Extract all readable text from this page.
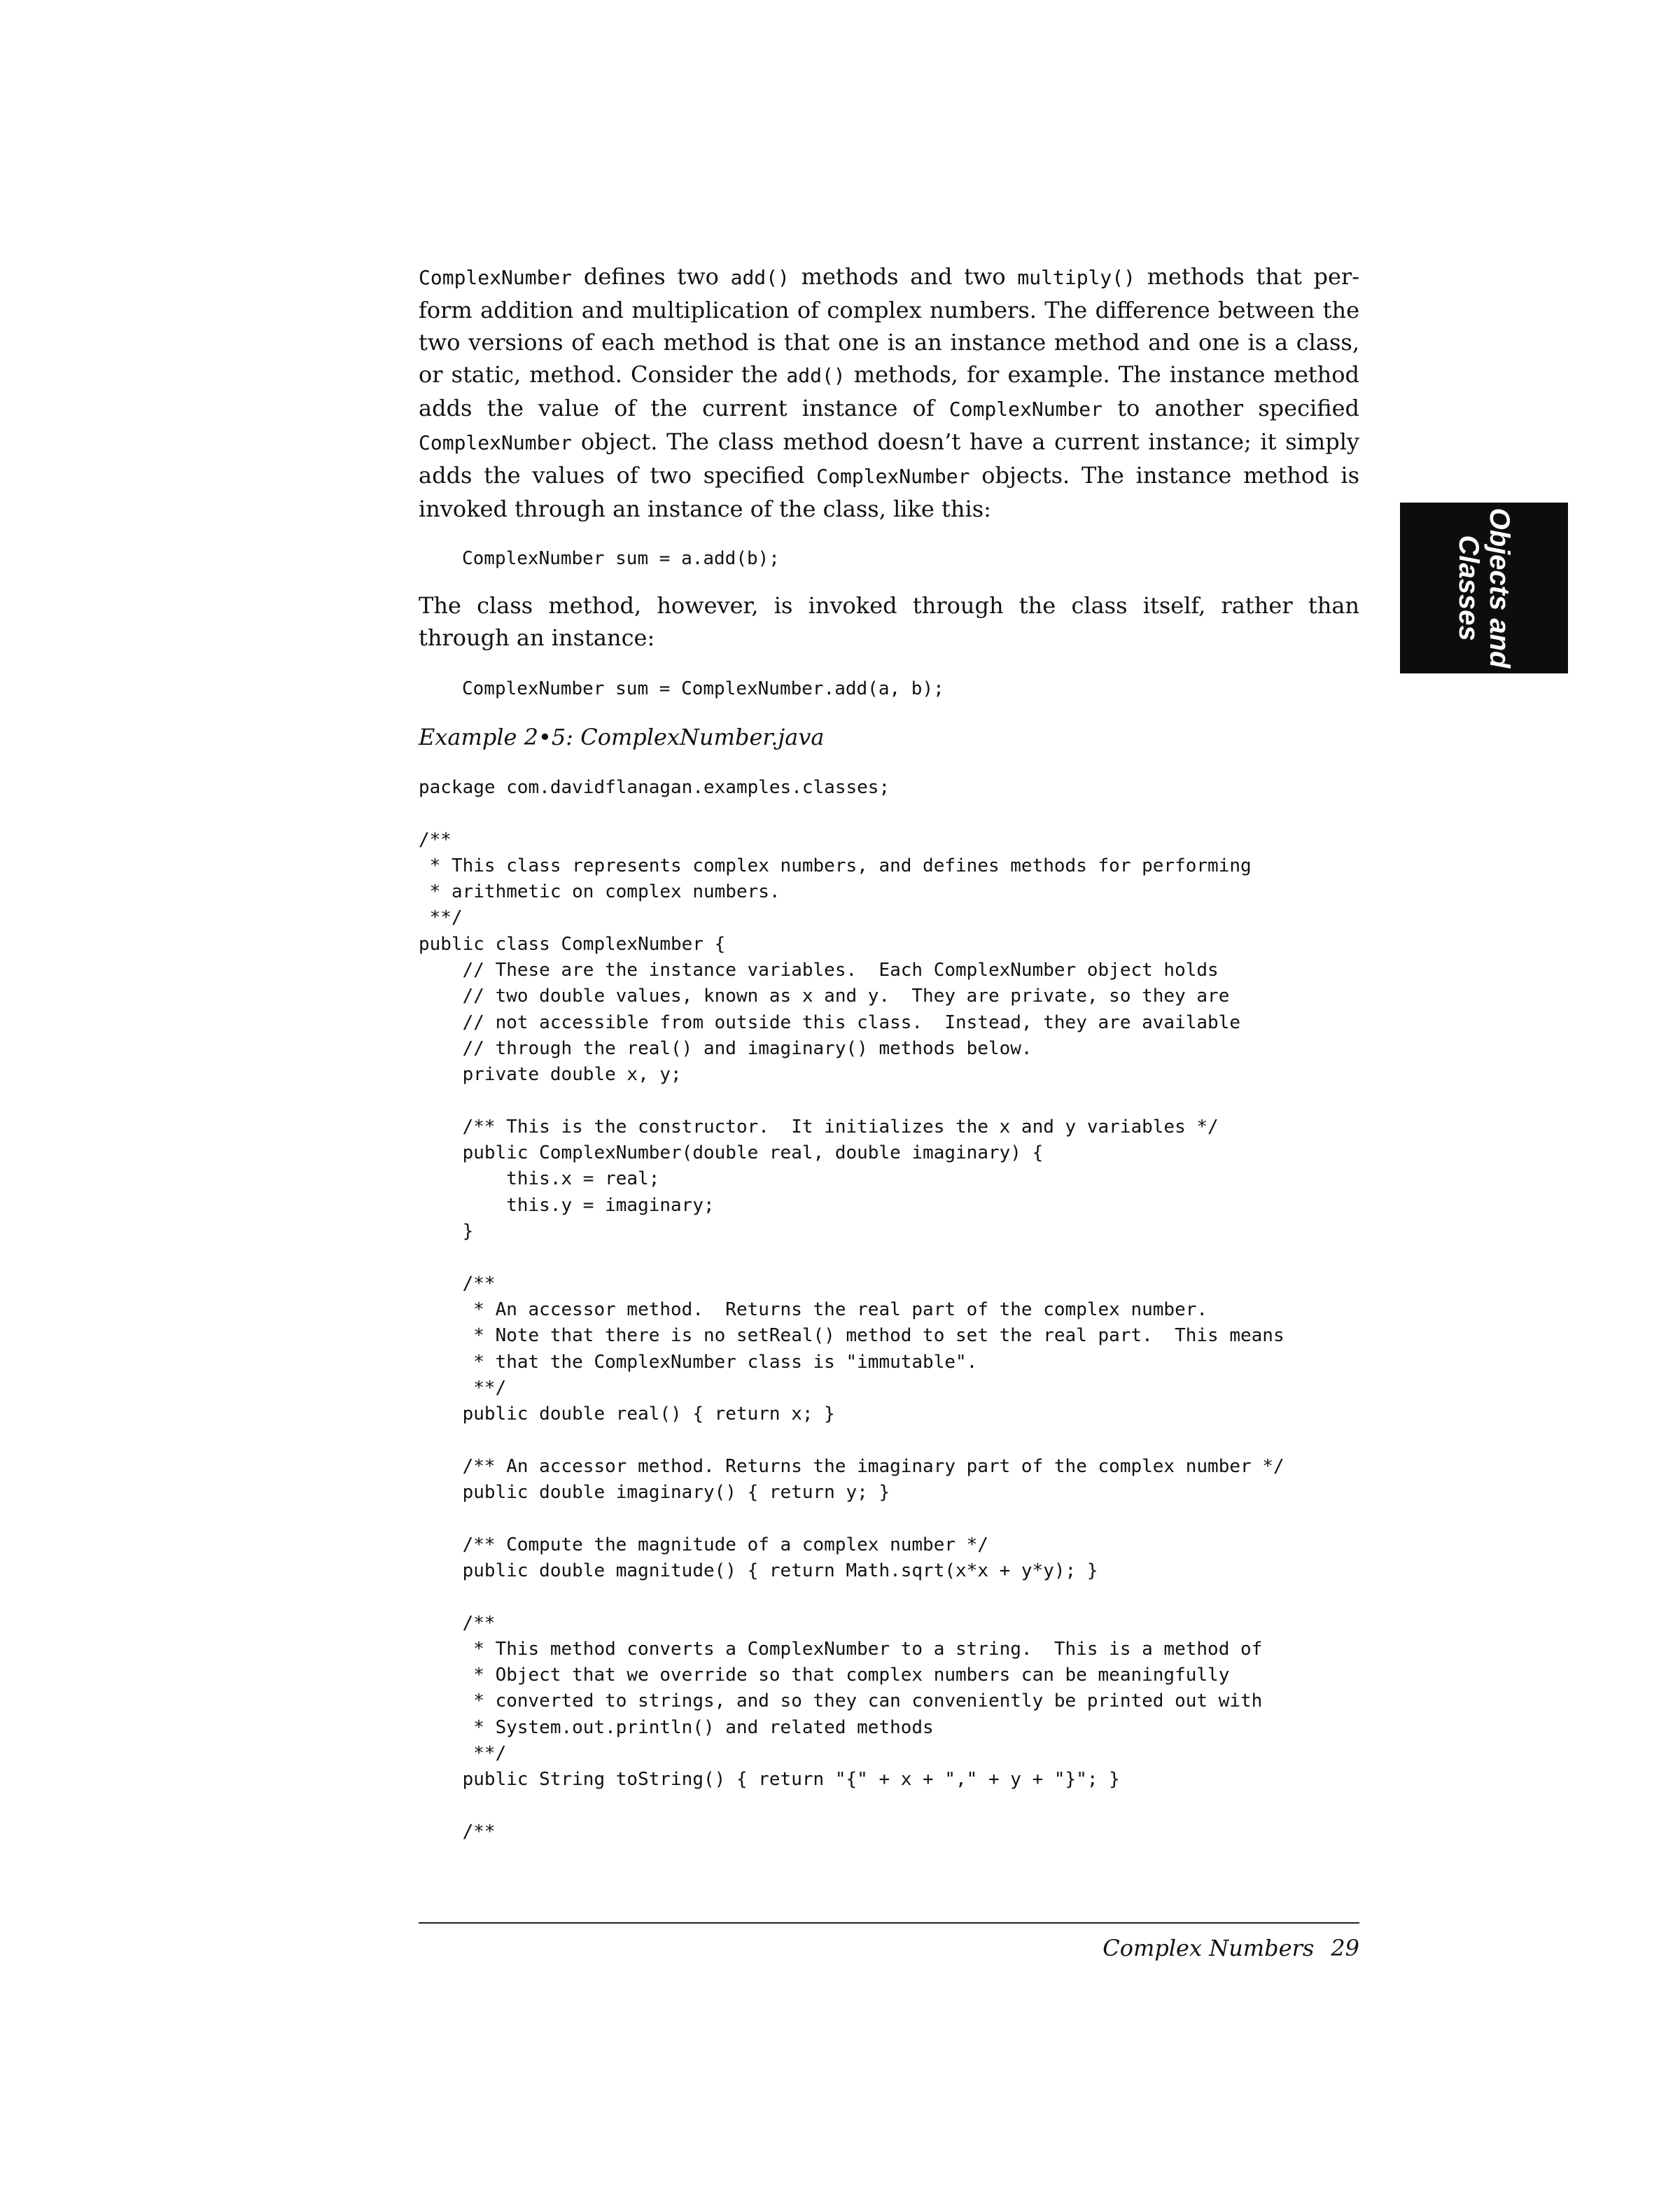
ComplexNumber defines two add() methods and two multiply() methods that per-form addition and multiplication of complex numbers. The difference between the two versions of each method is that one is an instance method and one is a class, or static, method. Consider the add() methods, for example. The instance method adds the value of the current instance of ComplexNumber to another specified ComplexNumber object. The class method doesn’t have a current instance; it simply adds the values of two specified ComplexNumber objects. The instance method is invoked through an instance of the class, like this:

ComplexNumber sum = a.add(b);

The class method, however, is invoked through the class itself, rather than through an instance:

ComplexNumber sum = ComplexNumber.add(a, b);

Example 2•5: ComplexNumber.java

package com.davidflanagan.examples.classes;

/**
* This class represents complex numbers, and defines methods for performing
* arithmetic on complex numbers.
**/
public class ComplexNumber {
// These are the instance variables.  Each ComplexNumber object holds
// two double values, known as x and y.  They are private, so they are
// not accessible from outside this class.  Instead, they are available
// through the real() and imaginary() methods below.
private double x, y;

/** This is the constructor.  It initializes the x and y variables */
public ComplexNumber(double real, double imaginary) {
this.x = real;
this.y = imaginary;
}

/**
* An accessor method.  Returns the real part of the complex number.
* Note that there is no setReal() method to set the real part.  This means
* that the ComplexNumber class is "immutable".
**/
public double real() { return x; }

/** An accessor method. Returns the imaginary part of the complex number */
public double imaginary() { return y; }

/** Compute the magnitude of a complex number */
public double magnitude() { return Math.sqrt(x*x + y*y); }

/**
* This method converts a ComplexNumber to a string.  This is a method of
* Object that we override so that complex numbers can be meaningfully
* converted to strings, and so they can conveniently be printed out with
* System.out.println() and related methods
**/
public String toString() { return "{" + x + "," + y + "}"; }

/**
Objects and
Classes
Complex Numbers 29
